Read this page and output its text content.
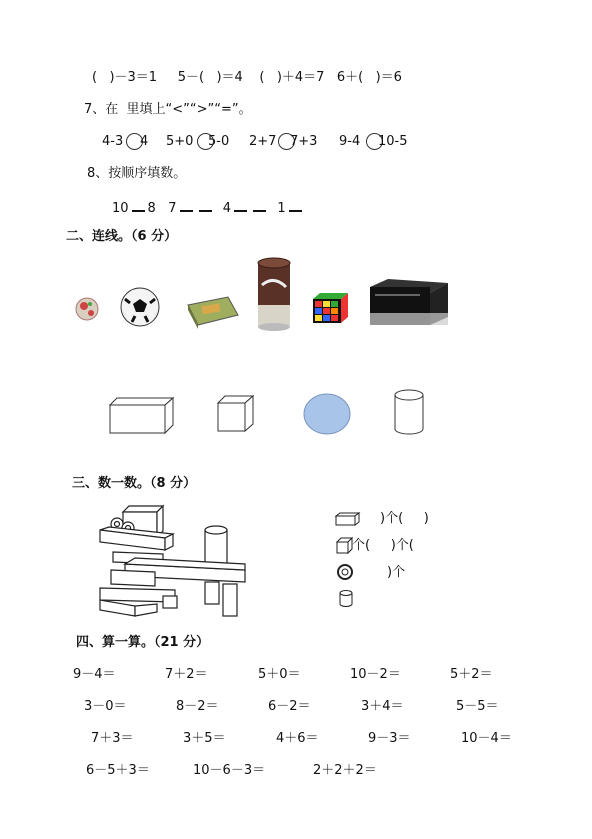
(   )－3＝1     5－(   )＝4    (   )＋4＝7   6＋(   )＝6
7、在  里填上“<”“>”“=”。
4-3 4 5+0 5-0 2+7 7+3 9-4 10-5
8、按顺序填数。
10 8 7	4	1
二、连线。（6 分）
三、数一数。（8 分）
)个(     )
个(     )个(
)个
四、算一算。（21 分）
9－4＝	7＋2＝	5＋0＝	10－2＝	5＋2＝
3－0＝	8－2＝	6－2＝	3＋4＝	5－5＝
7＋3＝	3＋5＝	4＋6＝	9－3＝	10－4＝
6－5＋3＝	10－6－3＝	2＋2＋2＝
